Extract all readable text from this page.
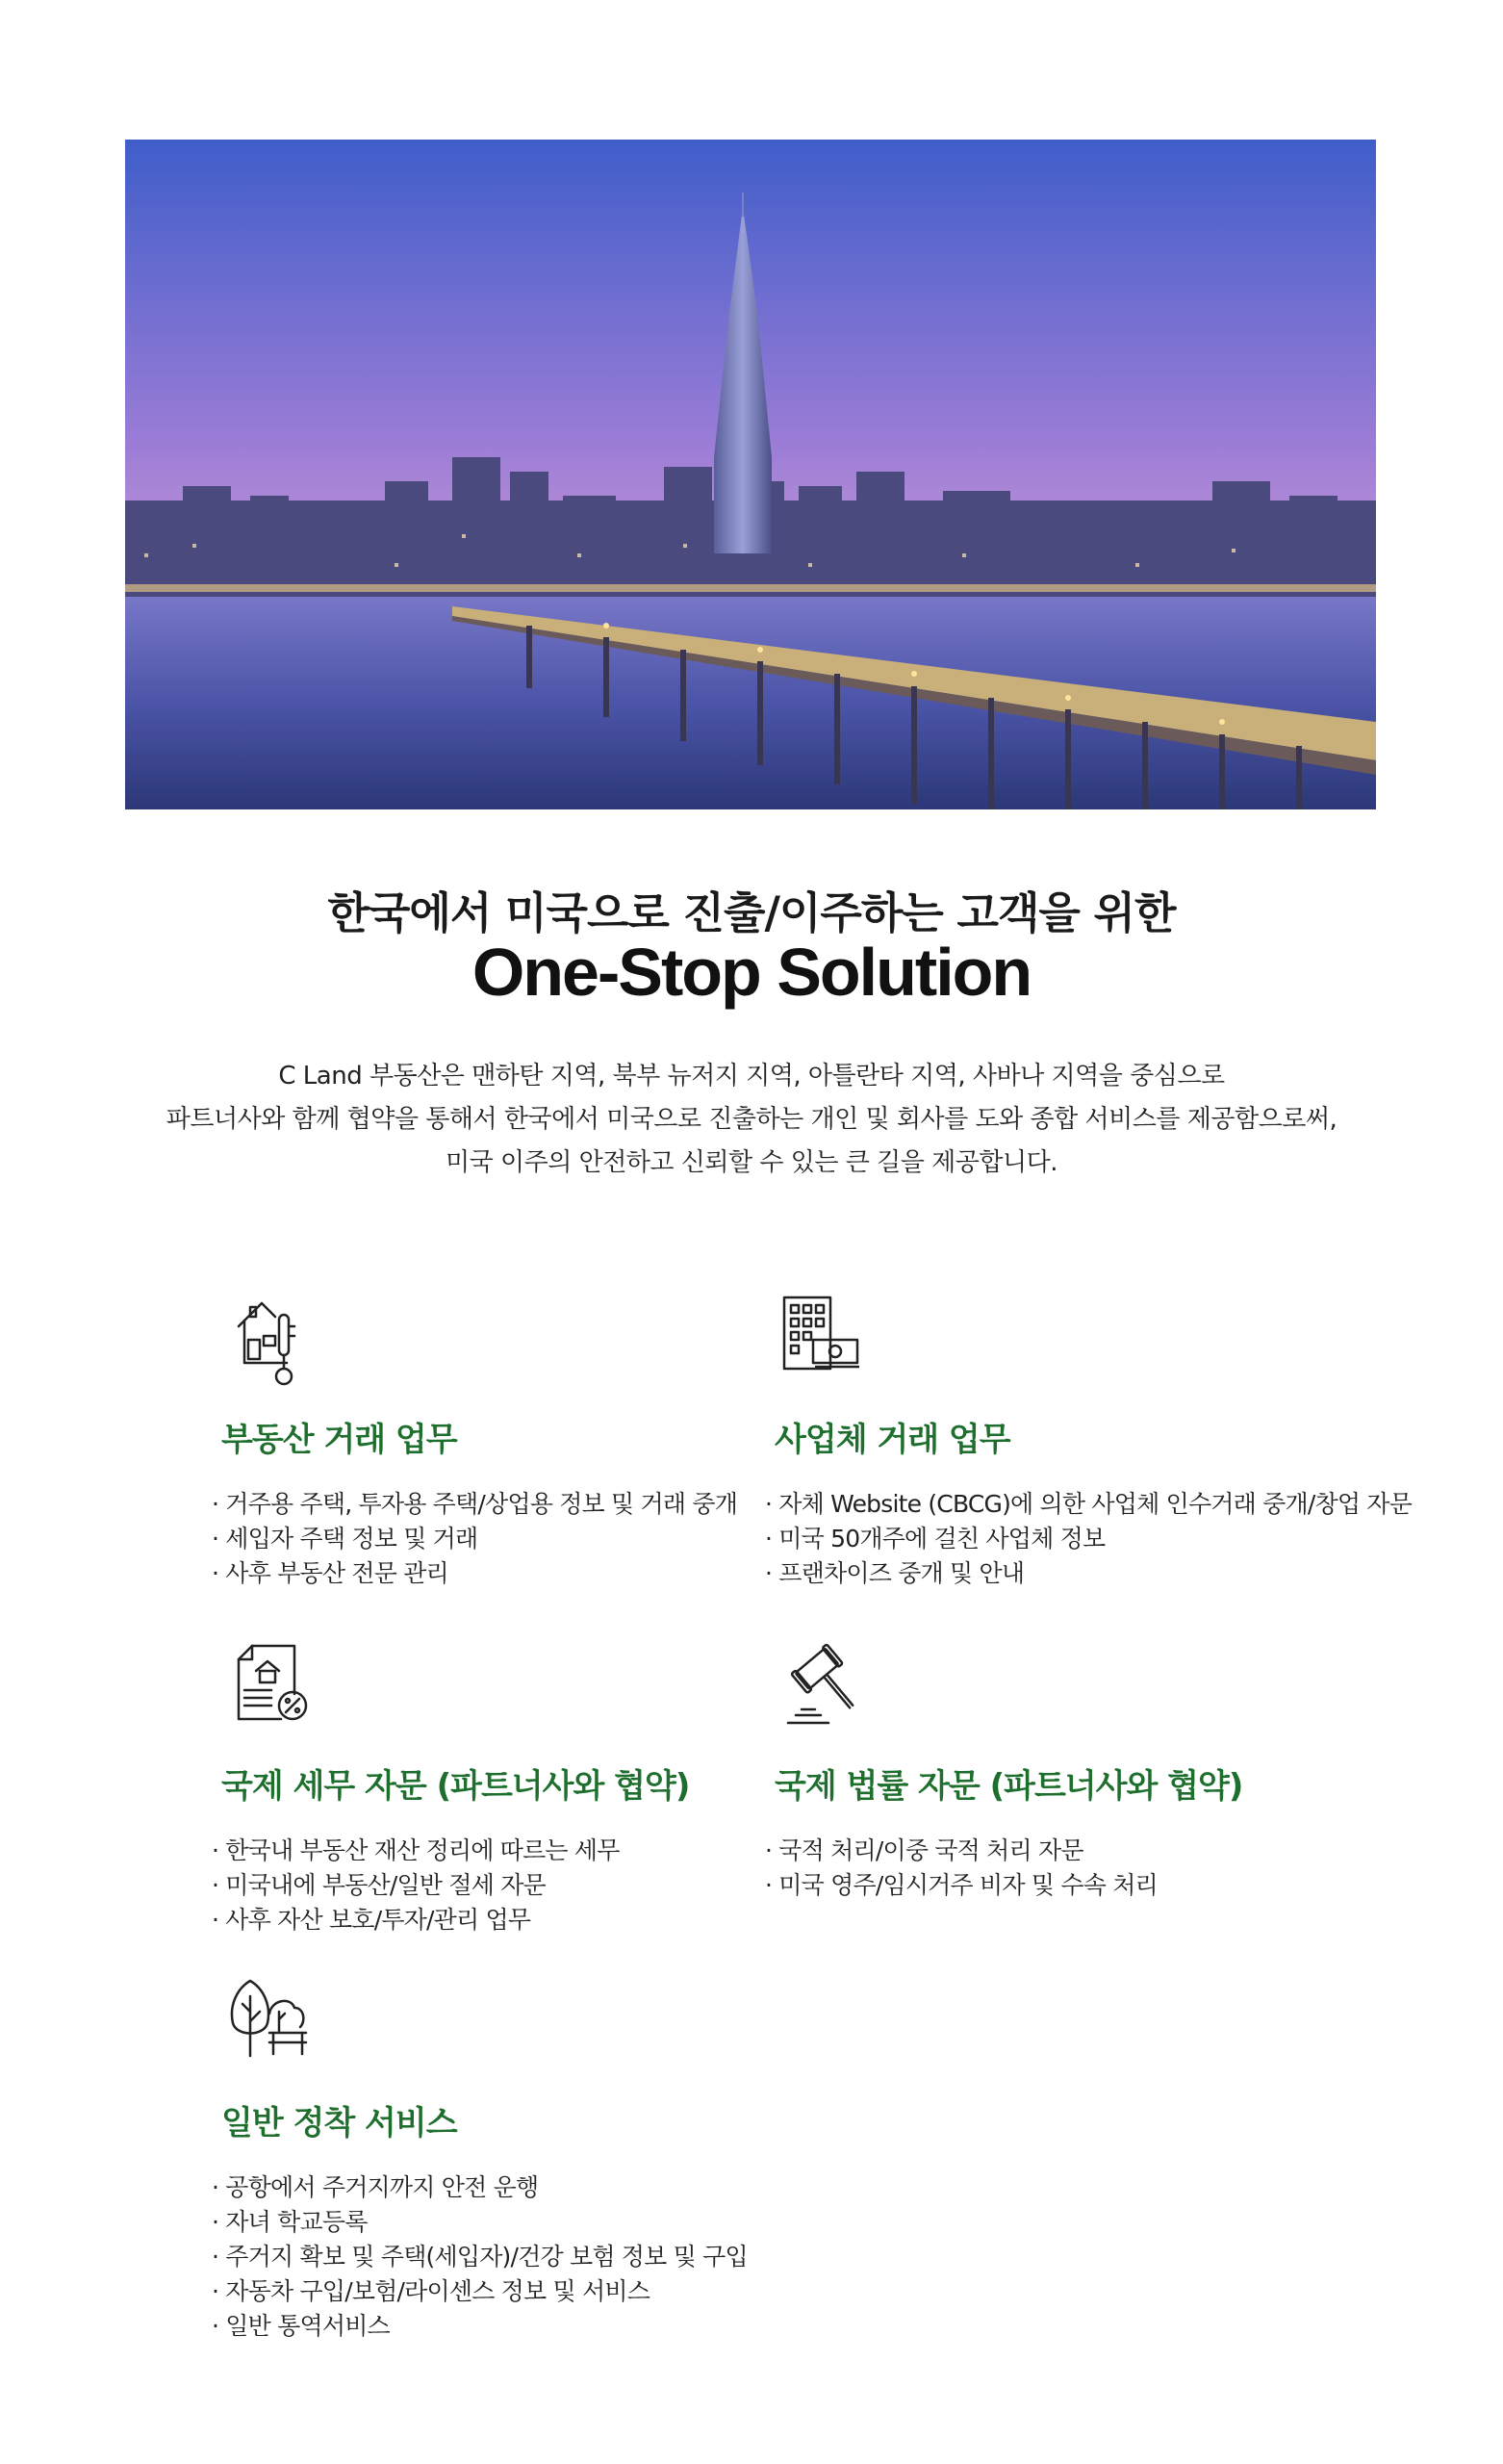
한국에서 미국으로 진출/이주하는 고객을 위한
One-Stop Solution
C Land 부동산은 맨하탄 지역, 북부 뉴저지 지역, 아틀란타 지역, 사바나 지역을 중심으로
파트너사와 함께 협약을 통해서 한국에서 미국으로 진출하는 개인 및 회사를 도와 종합 서비스를 제공함으로써,
미국 이주의 안전하고 신뢰할 수 있는 큰 길을 제공합니다.
부동산 거래 업무
· 거주용 주택, 투자용 주택/상업용 정보 및 거래 중개
· 세입자 주택 정보 및 거래
· 사후 부동산 전문 관리
사업체 거래 업무
· 자체 Website (CBCG)에 의한 사업체 인수거래 중개/창업 자문
· 미국 50개주에 걸친 사업체 정보
· 프랜차이즈 중개 및 안내
국제 세무 자문 (파트너사와 협약)
· 한국내 부동산 재산 정리에 따르는 세무
· 미국내에 부동산/일반 절세 자문
· 사후 자산 보호/투자/관리 업무
국제 법률 자문 (파트너사와 협약)
· 국적 처리/이중 국적 처리 자문
· 미국 영주/임시거주 비자 및 수속 처리
일반 정착 서비스
· 공항에서 주거지까지 안전 운행
· 자녀 학교등록
· 주거지 확보 및 주택(세입자)/건강 보험 정보 및 구입
· 자동차 구입/보험/라이센스 정보 및 서비스
· 일반 통역서비스
